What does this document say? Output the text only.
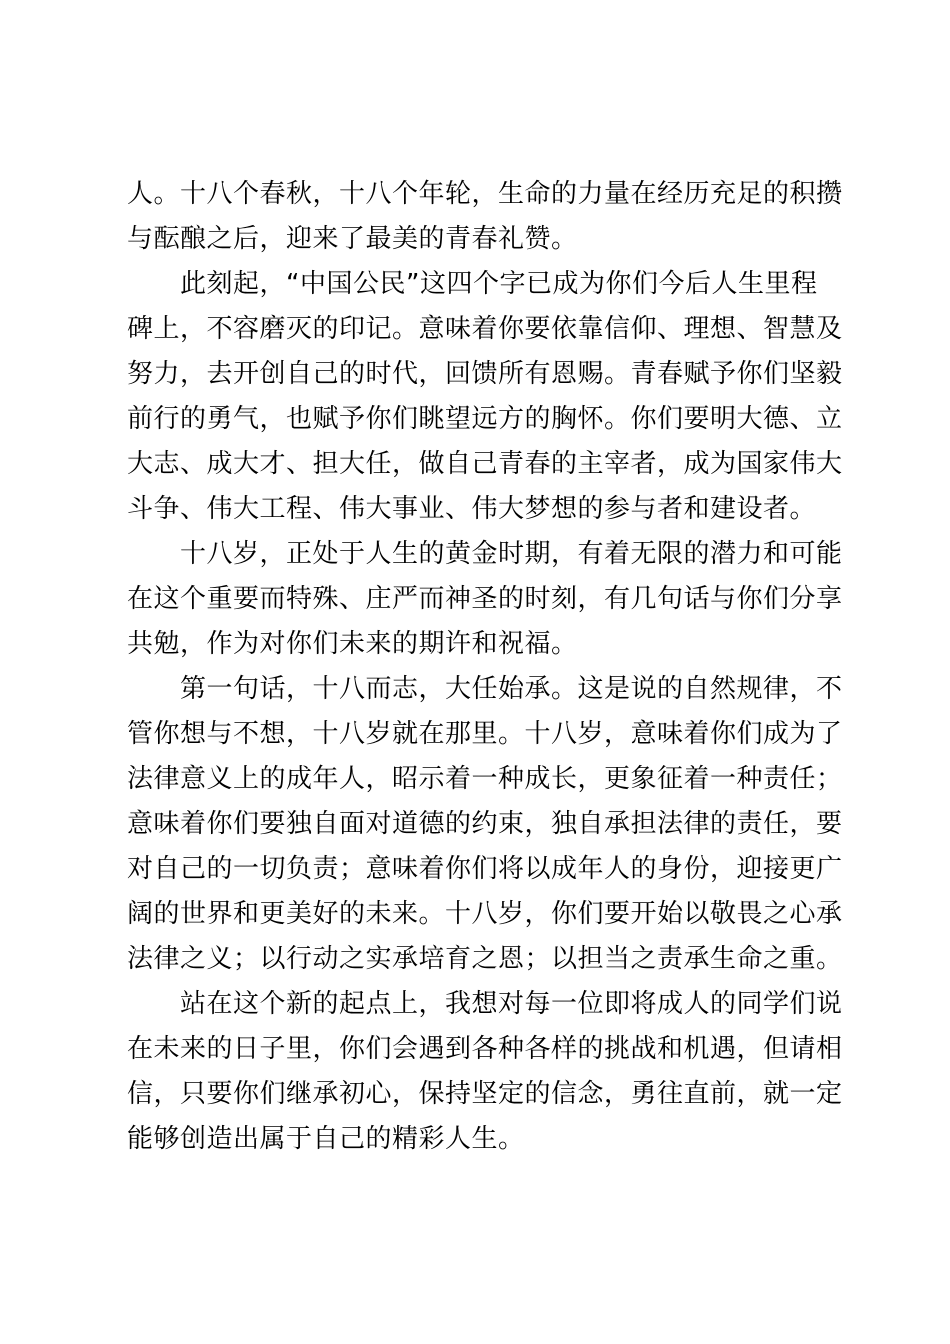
人。十八个春秋，十八个年轮，生命的力量在经历充足的积攒
与酝酿之后，迎来了最美的青春礼赞。
此刻起，“中国公民”这四个字已成为你们今后人生里程
碑上，不容磨灭的印记。意味着你要依靠信仰、理想、智慧及
努力，去开创自己的时代，回馈所有恩赐。青春赋予你们坚毅
前行的勇气，也赋予你们眺望远方的胸怀。你们要明大德、立
大志、成大才、担大任，做自己青春的主宰者，成为国家伟大
斗争、伟大工程、伟大事业、伟大梦想的参与者和建设者。
十八岁，正处于人生的黄金时期，有着无限的潜力和可能
在这个重要而特殊、庄严而神圣的时刻，有几句话与你们分享
共勉，作为对你们未来的期许和祝福。
第一句话，十八而志，大任始承。这是说的自然规律，不
管你想与不想，十八岁就在那里。十八岁，意味着你们成为了
法律意义上的成年人，昭示着一种成长，更象征着一种责任；
意味着你们要独自面对道德的约束，独自承担法律的责任，要
对自己的一切负责；意味着你们将以成年人的身份，迎接更广
阔的世界和更美好的未来。十八岁，你们要开始以敬畏之心承
法律之义；以行动之实承培育之恩；以担当之责承生命之重。
站在这个新的起点上，我想对每一位即将成人的同学们说
在未来的日子里，你们会遇到各种各样的挑战和机遇，但请相
信，只要你们继承初心，保持坚定的信念，勇往直前，就一定
能够创造出属于自己的精彩人生。
